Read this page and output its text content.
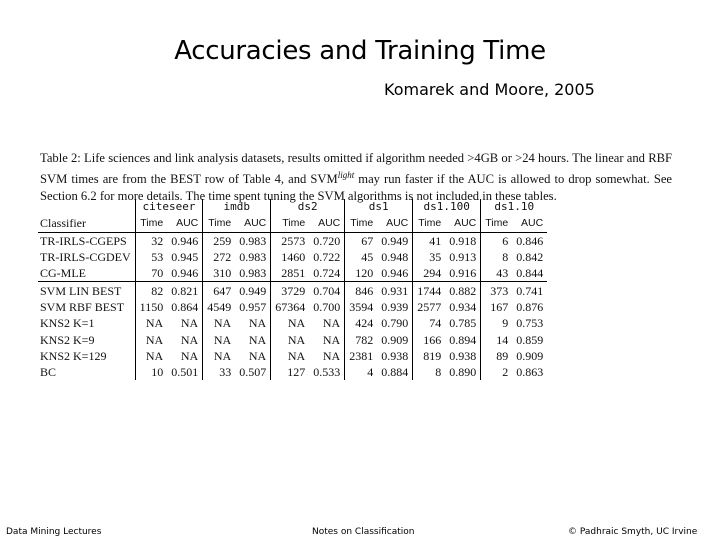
Accuracies and Training Time
Komarek and Moore, 2005
Table 2: Life sciences and link analysis datasets, results omitted if algorithm needed >4GB or >24 hours. The linear and RBF SVM times are from the BEST row of Table 4, and $SVM^{light}$ may run faster if the AUC is allowed to drop somewhat. See Section 6.2 for more details. The time spent tuning the SVM algorithms is not included in these tables.
	citeseer		imdb		ds2		ds1		ds1.100		ds1.10	
Classifier	Time	AUC	Time	AUC	Time	AUC	Time	AUC	Time	AUC	Time	AUC
TR-IRLS-CGEPS	32	0.946	259	0.983	2573	0.720	67	0.949	41	0.918	6	0.846
TR-IRLS-CGDEV	53	0.945	272	0.983	1460	0.722	45	0.948	35	0.913	8	0.842
CG-MLE	70	0.946	310	0.983	2851	0.724	120	0.946	294	0.916	43	0.844
SVM LIN BEST	82	0.821	647	0.949	3729	0.704	846	0.931	1744	0.882	373	0.741
SVM RBF BEST	1150	0.864	4549	0.957	67364	0.700	3594	0.939	2577	0.934	167	0.876
KNS2 K=1	NA	NA	NA	NA	NA	NA	424	0.790	74	0.785	9	0.753
KNS2 K=9	NA	NA	NA	NA	NA	NA	782	0.909	166	0.894	14	0.859
KNS2 K=129	NA	NA	NA	NA	NA	NA	2381	0.938	819	0.938	89	0.909
BC	10	0.501	33	0.507	127	0.533	4	0.884	8	0.890	2	0.863
Data Mining Lectures	Notes on Classification	© Padhraic Smyth, UC Irvine
